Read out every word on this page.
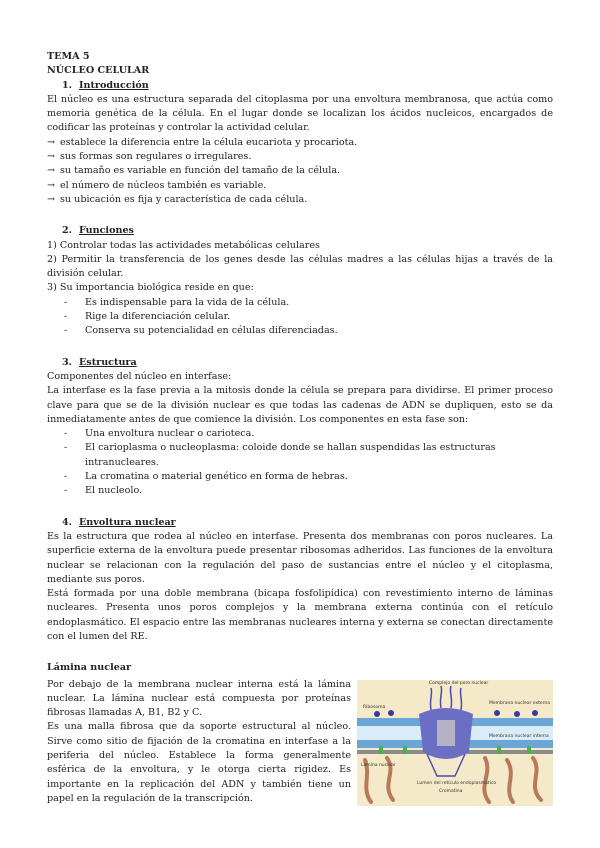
TEMA 5

NÚCLEO CELULAR

1. Introducción

El núcleo es una estructura separada del citoplasma por una envoltura membranosa, que actúa como memoria genética de la célula. En el lugar donde se localizan los ácidos nucleicos, encargados de codificar las proteínas y controlar la actividad celular.

→ establece la diferencia entre la célula eucariota y procariota.
→ sus formas son regulares o irregulares.
→ su tamaño es variable en función del tamaño de la célula.
→ el número de núcleos también es variable.
→ su ubicación es fija y característica de cada célula.
2. Funciones

1) Controlar todas las actividades metabólicas celulares

2) Permitir la transferencia de los genes desde las células madres a las células hijas a través de la división celular.

3) Su importancia biológica reside en que:

-	Es indispensable para la vida de la célula.
-	Rige la diferenciación celular.
-	Conserva su potencialidad en células diferenciadas.
3. Estructura

Componentes del núcleo en interfase:

La interfase es la fase previa a la mitosis donde la célula se prepara para dividirse. El primer proceso clave para que se de la división nuclear es que todas las cadenas de ADN se dupliquen, esto se da inmediatamente antes de que comience la división. Los componentes en esta fase son:

-	Una envoltura nuclear o carioteca.
-	El carioplasma o nucleoplasma: coloide donde se hallan suspendidas las estructuras intranucleares.
-	La cromatina o material genético en forma de hebras.
-	El nucleolo.
4. Envoltura nuclear

Es la estructura que rodea al núcleo en interfase. Presenta dos membranas con poros nucleares. La superficie externa de la envoltura puede presentar ribosomas adheridos. Las funciones de la envoltura nuclear se relacionan con la regulación del paso de sustancias entre el núcleo y el citoplasma, mediante sus poros.

Está formada por una doble membrana (bicapa fosfolipídica) con revestimiento interno de láminas nucleares. Presenta unos poros complejos y la membrana externa continúa con el retículo endoplasmático. El espacio entre las membranas nucleares interna y externa se conectan directamente con el lumen del RE.

Lámina nuclear

Por debajo de la membrana nuclear interna está la lámina nuclear. La lámina nuclear está compuesta por proteínas fibrosas llamadas A, B1, B2 y C.

Es una malla fibrosa que da soporte estructural al núcleo. Sirve como sitio de fijación de la cromatina en interfase a la periferia del núcleo. Establece la forma generalmente esférica de la envoltura, y le otorga cierta rigidez. Es importante en la replicación del ADN y también tiene un papel en la regulación de la transcripción.

Complejo del poro nuclear
Ribosoma
Membrana nuclear externa
Membrana nuclear interna
Lámina nuclear
Cromatina
Lumen del retículo endoplasmático
